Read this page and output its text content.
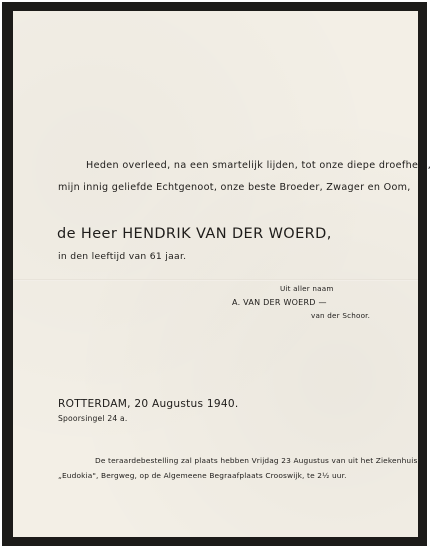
Heden overleed, na een smartelijk lijden, tot onze diepe droefheid,
mijn innig geliefde Echtgenoot, onze beste Broeder, Zwager en Oom,
de Heer HENDRIK VAN DER WOERD,
in den leeftijd van 61 jaar.
Uit aller naam
A. VAN DER WOERD —
van der Schoor.
ROTTERDAM, 20 Augustus 1940.
Spoorsingel 24 a.
De teraardebestelling zal plaats hebben Vrijdag 23 Augustus van uit het Ziekenhuis
„Eudokia", Bergweg, op de Algemeene Begraafplaats Crooswijk, te 2½ uur.
